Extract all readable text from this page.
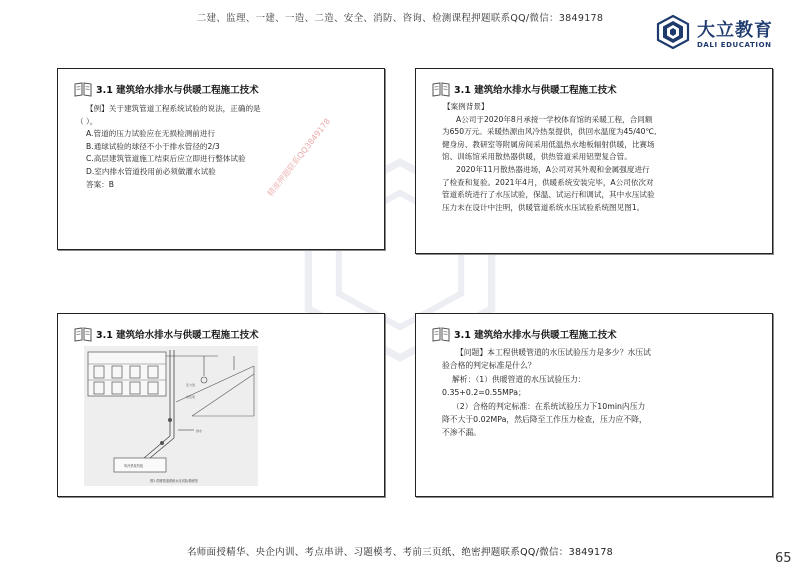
二建、监理、一建、一造、二造、安全、消防、咨询、检测课程押题联系QQ/微信：3849178
大立教育
DALI EDUCATION
3.1 建筑给水排水与供暖工程施工技术
【例】关于建筑管道工程系统试验的说法，正确的是
（ ）。
A.管道的压力试验应在无损检测前进行
B.通球试验的球径不小于排水管径的2/3
C.高层建筑管道施工结束后应立即进行整体试验
D.室内排水管道投用前必须做灌水试验
答案：B
3.1 建筑给水排水与供暖工程施工技术
【案例背景】
A公司于2020年8月承接一学校体育馆的采暖工程，合同额
为650万元。采暖热源由风冷热泵提供，供回水温度为45/40℃,
健身房、教研室等附属房间采用低温热水地板辐射供暖，比赛场
馆、训练馆采用散热器供暖，供热管道采用铝塑复合管。
2020年11月散热器进场，A公司对其外观和金属强度进行
了检查和复验。2021年4月，供暖系统安装完毕，A公司依次对
管道系统进行了水压试验，保温、试运行和调试，其中水压试验
压力未在设计中注明，供暖管道系统水压试验系统图见图1。
3.1 建筑给水排水与供暖工程施工技术
压力表
试压泵
排水
风冷热泵机组
图1 供暖管道系统水压试验系统图
3.1 建筑给水排水与供暖工程施工技术
【问题】本工程供暖管道的水压试验压力是多少？水压试
验合格的判定标准是什么？
解析：（1）供暖管道的水压试验压力：
0.35+0.2=0.55MPa；
（2）合格的判定标准：在系统试验压力下10min内压力
降不大于0.02MPa，然后降至工作压力检查，压力应不降，
不渗不漏。
精准押题联系QQ3849178
名师面授精华、央企内训、考点串讲、习题模考、考前三页纸、绝密押题联系QQ/微信：3849178	65
